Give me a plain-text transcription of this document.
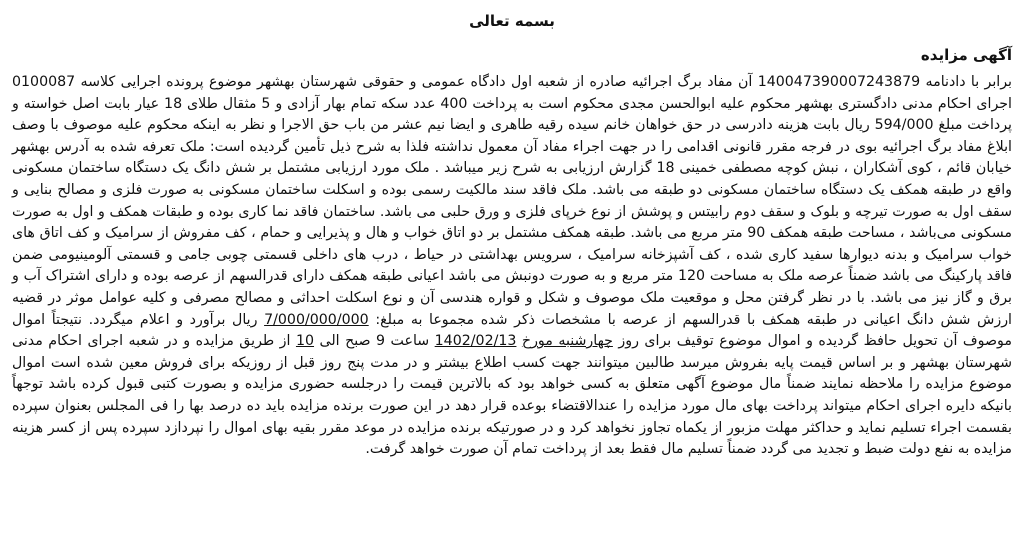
بسمه تعالی

آگهی مزایده

برابر با دادنامه 140047390007243879 آن مفاد برگ اجرائیه صادره از شعبه اول دادگاه عمومی و حقوقی شهرستان بهشهر موضوع پرونده اجرایی کلاسه 0100087 اجرای احکام مدنی دادگستری بهشهر محکوم علیه ابوالحسن مجدی محکوم است به پرداخت 400 عدد سکه تمام بهار آزادی و 5 مثقال طلای 18 عیار بابت اصل خواسته و پرداخت مبلغ 594/000 ریال بابت هزینه دادرسی در حق خواهان خانم سیده رقیه طاهری و ایضا نیم عشر من باب حق الاجرا و نظر به اینکه محکوم علیه موصوف با وصف ابلاغ مفاد برگ اجرائیه بوی در فرجه مقرر قانونی اقدامی را در جهت اجراء مفاد آن معمول نداشته فلذا به شرح ذیل تأمین گردیده است: ملک تعرفه شده به آدرس بهشهر خیابان قائم ، کوی آشکاران ، نبش کوچه مصطفی خمینی 18 گزارش ارزیابی به شرح زیر میباشد . ملک مورد ارزیابی مشتمل بر شش دانگ یک دستگاه ساختمان مسکونی واقع در طبقه همکف یک دستگاه ساختمان مسکونی دو طبقه می باشد. ملک فاقد سند مالکیت رسمی بوده و اسکلت ساختمان مسکونی به صورت فلزی و مصالح بنایی و سقف اول به صورت تیرچه و بلوک و سقف دوم رابیتس و پوشش از نوع خرپای فلزی و ورق حلبی می باشد. ساختمان فاقد نما کاری بوده و طبقات همکف و اول به صورت مسکونی می‌باشد ، مساحت طبقه همکف 90 متر مربع می باشد. طبقه همکف مشتمل بر دو اتاق خواب و هال و پذیرایی و حمام ، کف مفروش از سرامیک و کف اتاق های خواب سرامیک و بدنه دیوارها سفید کاری شده ، کف آشپزخانه سرامیک ، سرویس بهداشتی در حیاط ، درب های داخلی قسمتی چوبی جامی و قسمتی آلومینیومی ضمن فاقد پارکینگ می باشد ضمناً عرصه ملک به مساحت 120 متر مربع و به صورت دونبش می باشد اعیانی طبقه همکف دارای قدرالسهم از عرصه بوده و دارای اشتراک آب و برق و گاز نیز می باشد. با در نظر گرفتن محل و موقعیت ملک موصوف و شکل و قواره هندسی آن و نوع اسکلت احداثی و مصالح مصرفی و کلیه عوامل موثر در قضیه ارزش شش دانگ اعیانی در طبقه همکف با قدرالسهم از عرصه با مشخصات ذکر شده مجموعا به مبلغ: 7/000/000/000 ریال برآورد و اعلام میگردد. نتیجتاً اموال موصوف آن تحویل حافظ گردیده و اموال موضوع توقیف برای روز چهارشنبه مورخ 1402/02/13 ساعت 9 صبح الی 10 از طریق مزایده و در شعبه اجرای احکام مدنی شهرستان بهشهر و بر اساس قیمت پایه بفروش میرسد طالبین میتوانند جهت کسب اطلاع بیشتر و در مدت پنج روز قبل از روزیکه برای فروش معین شده است اموال موضوع مزایده را ملاحظه نمایند ضمناً مال موضوع آگهی متعلق به کسی خواهد بود که بالاترین قیمت را درجلسه حضوری مزایده و بصورت کتبی قبول کرده باشد توجهاً بانیکه دایره اجرای احکام میتواند پرداخت بهای مال مورد مزایده را عندالاقتضاء بوعده قرار دهد در این صورت برنده مزایده باید ده درصد بها را فی المجلس بعنوان سپرده بقسمت اجراء تسلیم نماید و حداکثر مهلت مزبور از یکماه تجاوز نخواهد کرد و در صورتیکه برنده مزایده در موعد مقرر بقیه بهای اموال را نپردازد سپرده پس از کسر هزینه مزایده به نفع دولت ضبط و تجدید می گردد ضمناً تسلیم مال فقط بعد از پرداخت تمام آن صورت خواهد گرفت.
